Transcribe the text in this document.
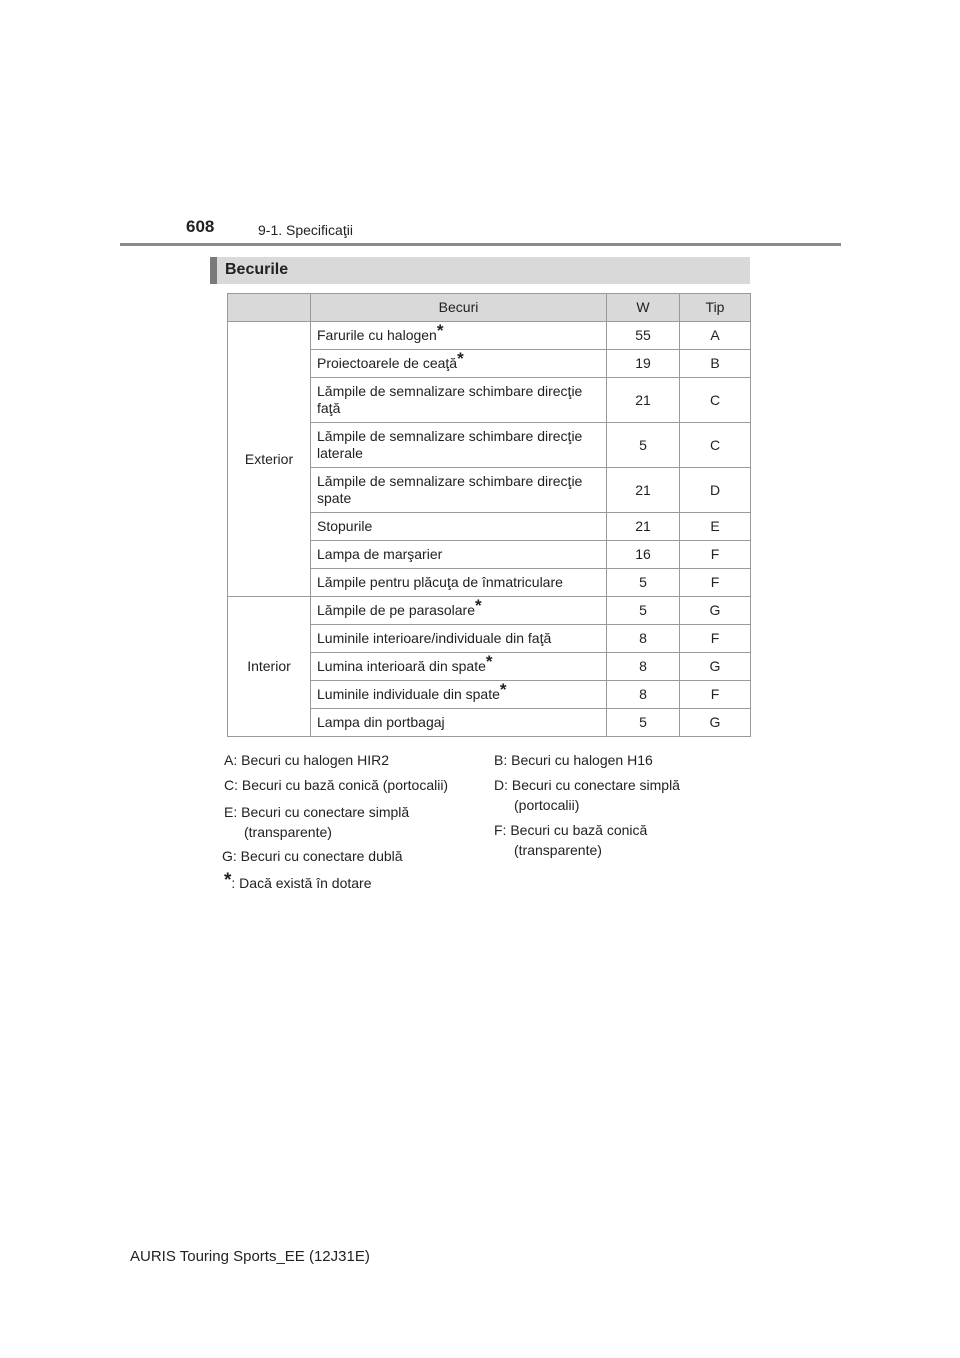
608	9-1. Specificaţii
Becurile
	Becuri	W	Tip
Exterior	Farurile cu halogen*	55	A
	Proiectoarele de ceaţă*	19	B
	Lămpile de semnalizare schimbare direcţie faţă	21	C
	Lămpile de semnalizare schimbare direcţie laterale	5	C
	Lămpile de semnalizare schimbare direcţie spate	21	D
	Stopurile	21	E
	Lampa de marşarier	16	F
	Lămpile pentru plăcuţa de înmatriculare	5	F
Interior	Lămpile de pe parasolare*	5	G
	Luminile interioare/individuale din faţă	8	F
	Lumina interioară din spate*	8	G
	Luminile individuale din spate*	8	F
	Lampa din portbagaj	5	G
A: Becuri cu halogen HIR2	B: Becuri cu halogen H16
C: Becuri cu bază conică (portocalii)	D: Becuri cu conectare simplă
(portocalii)
E: Becuri cu conectare simplă
(transparente)	F: Becuri cu bază conică
(transparente)
G: Becuri cu conectare dublă
*: Dacă există în dotare
AURIS Touring Sports_EE (12J31E)
